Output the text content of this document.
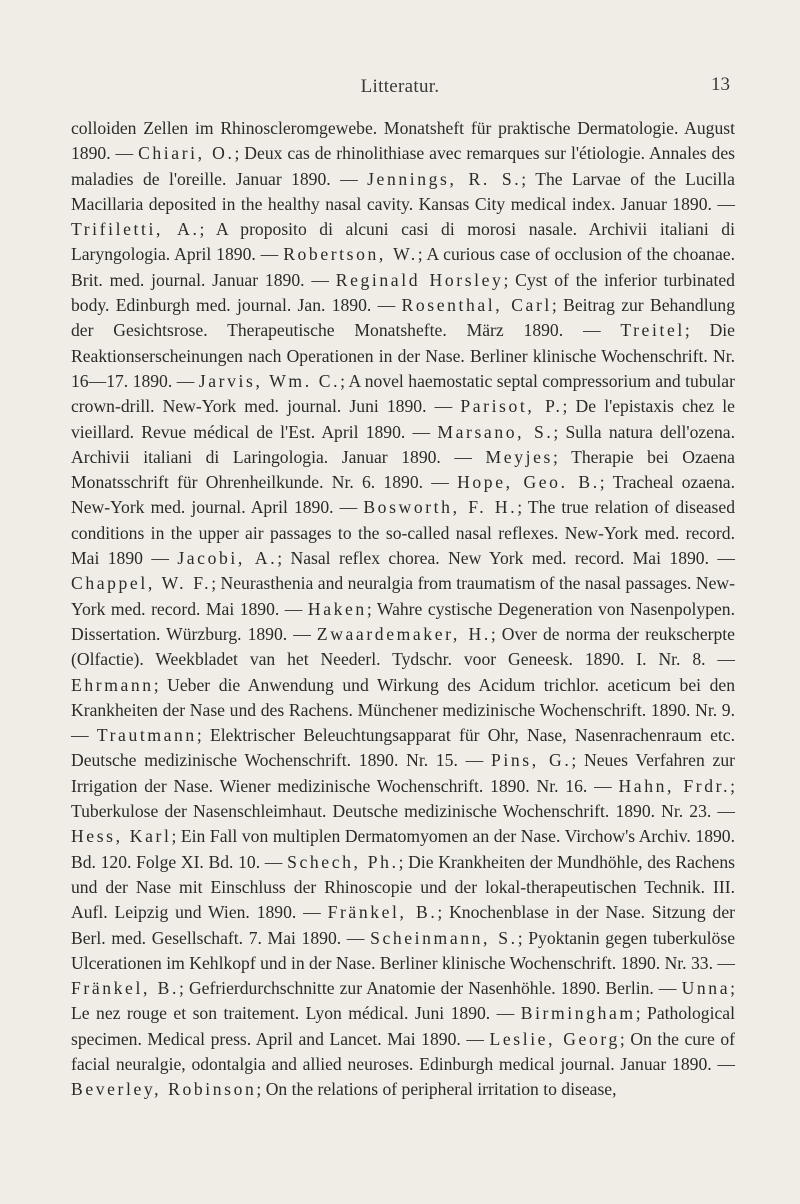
Litteratur.	13

colloiden Zellen im Rhinoscleromgewebe. Monatsheft für praktische Dermatologie. August 1890. — Chiari, O.; Deux cas de rhinolithiase avec remarques sur l'étiologie. Annales des maladies de l'oreille. Januar 1890. — Jennings, R. S.; The Larvae of the Lucilla Macillaria deposited in the healthy nasal cavity. Kansas City medical index. Januar 1890. — Trifiletti, A.; A proposito di alcuni casi di morosi nasale. Archivii italiani di Laryngologia. April 1890. — Robertson, W.; A curious case of occlusion of the choanae. Brit. med. journal. Januar 1890. — Reginald Horsley; Cyst of the inferior turbinated body. Edinburgh med. journal. Jan. 1890. — Rosenthal, Carl; Beitrag zur Behandlung der Gesichtsrose. Therapeutische Monatshefte. März 1890. — Treitel; Die Reaktionserscheinungen nach Operationen in der Nase. Berliner klinische Wochenschrift. Nr. 16—17. 1890. — Jarvis, Wm. C.; A novel haemostatic septal compressorium and tubular crown-drill. New-York med. journal. Juni 1890. — Parisot, P.; De l'epistaxis chez le vieillard. Revue médical de l'Est. April 1890. — Marsano, S.; Sulla natura dell'ozena. Archivii italiani di Laringologia. Januar 1890. — Meyjes; Therapie bei Ozaena Monatsschrift für Ohrenheilkunde. Nr. 6. 1890. — Hope, Geo. B.; Tracheal ozaena. New-York med. journal. April 1890. — Bosworth, F. H.; The true relation of diseased conditions in the upper air passages to the so-called nasal reflexes. New-York med. record. Mai 1890 — Jacobi, A.; Nasal reflex chorea. New York med. record. Mai 1890. — Chappel, W. F.; Neurasthenia and neuralgia from traumatism of the nasal passages. New-York med. record. Mai 1890. — Haken; Wahre cystische Degeneration von Nasenpolypen. Dissertation. Würzburg. 1890. — Zwaardemaker, H.; Over de norma der reukscherpte (Olfactie). Weekbladet van het Neederl. Tydschr. voor Geneesk. 1890. I. Nr. 8. — Ehrmann; Ueber die Anwendung und Wirkung des Acidum trichlor. aceticum bei den Krankheiten der Nase und des Rachens. Münchener medizinische Wochenschrift. 1890. Nr. 9. — Trautmann; Elektrischer Beleuchtungsapparat für Ohr, Nase, Nasenrachenraum etc. Deutsche medizinische Wochenschrift. 1890. Nr. 15. — Pins, G.; Neues Verfahren zur Irrigation der Nase. Wiener medizinische Wochenschrift. 1890. Nr. 16. — Hahn, Frdr.; Tuberkulose der Nasenschleimhaut. Deutsche medizinische Wochenschrift. 1890. Nr. 23. — Hess, Karl; Ein Fall von multiplen Dermatomyomen an der Nase. Virchow's Archiv. 1890. Bd. 120. Folge XI. Bd. 10. — Schech, Ph.; Die Krankheiten der Mundhöhle, des Rachens und der Nase mit Einschluss der Rhinoscopie und der lokal-therapeutischen Technik. III. Aufl. Leipzig und Wien. 1890. — Fränkel, B.; Knochenblase in der Nase. Sitzung der Berl. med. Gesellschaft. 7. Mai 1890. — Scheinmann, S.; Pyoktanin gegen tuberkulöse Ulcerationen im Kehlkopf und in der Nase. Berliner klinische Wochenschrift. 1890. Nr. 33. — Fränkel, B.; Gefrierdurchschnitte zur Anatomie der Nasenhöhle. 1890. Berlin. — Unna; Le nez rouge et son traitement. Lyon médical. Juni 1890. — Birmingham; Pathological specimen. Medical press. April and Lancet. Mai 1890. — Leslie, Georg; On the cure of facial neuralgie, odontalgia and allied neuroses. Edinburgh medical journal. Januar 1890. — Beverley, Robinson; On the relations of peripheral irritation to disease,
